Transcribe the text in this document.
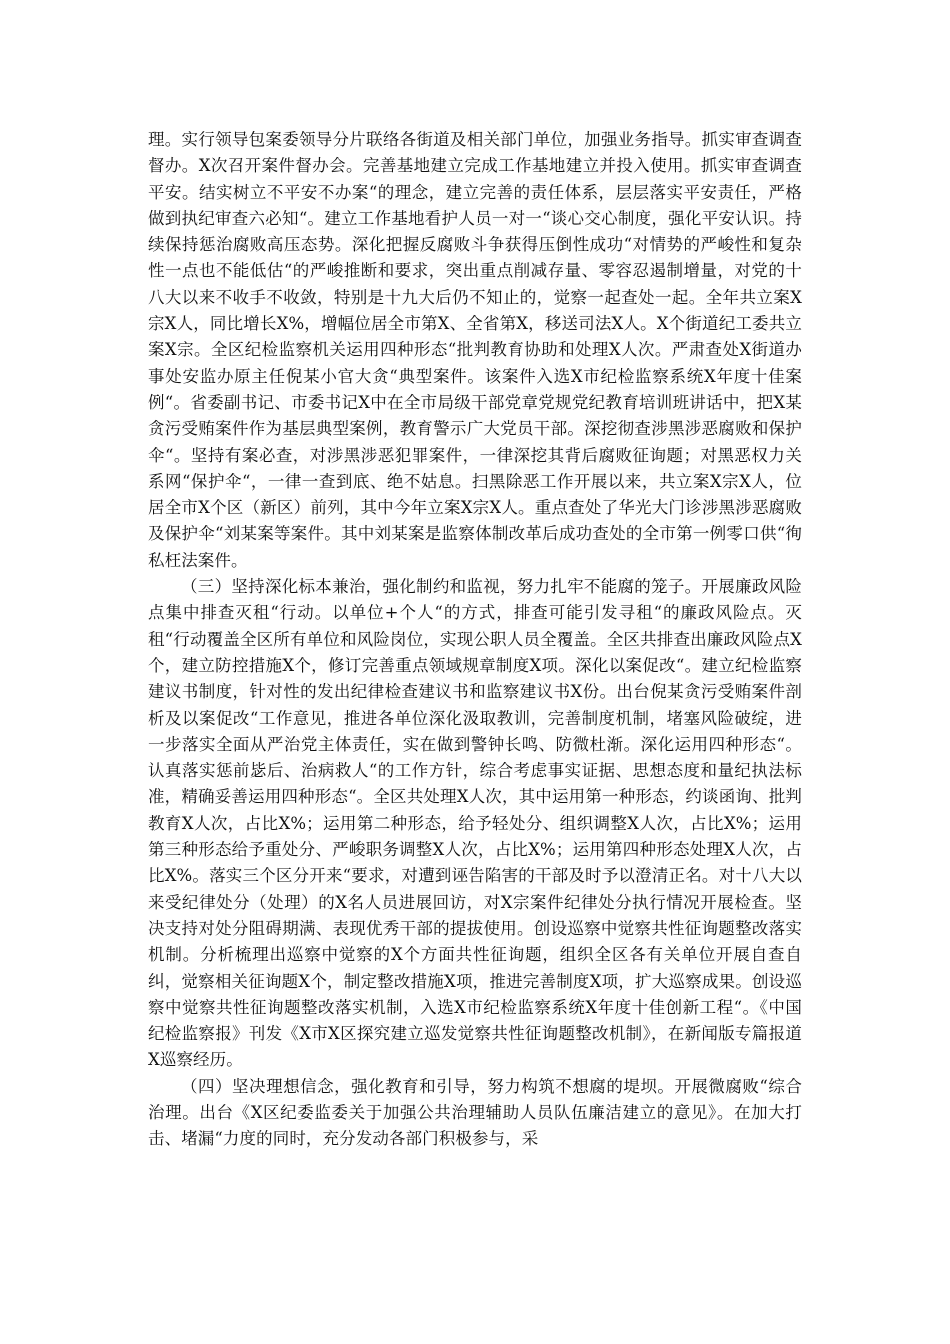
理。实行领导包案委领导分片联络各街道及相关部门单位，加强业务指导。抓实审查调查督办。X次召开案件督办会。完善基地建立完成工作基地建立并投入使用。抓实审查调查平安。结实树立不平安不办案“的理念，建立完善的责任体系，层层落实平安责任，严格做到执纪审查六必知“。建立工作基地看护人员一对一“谈心交心制度，强化平安认识。持续保持惩治腐败高压态势。深化把握反腐败斗争获得压倒性成功“对情势的严峻性和复杂性一点也不能低估“的严峻推断和要求，突出重点削减存量、零容忍遏制增量，对党的十八大以来不收手不收敛，特别是十九大后仍不知止的，觉察一起查处一起。全年共立案X宗X人，同比增长X%，增幅位居全市第X、全省第X，移送司法X人。X个街道纪工委共立案X宗。全区纪检监察机关运用四种形态“批判教育协助和处理X人次。严肃查处X街道办事处安监办原主任倪某小官大贪“典型案件。该案件入选X市纪检监察系统X年度十佳案例“。省委副书记、市委书记X中在全市局级干部党章党规党纪教育培训班讲话中，把X某贪污受贿案件作为基层典型案例，教育警示广大党员干部。深挖彻查涉黑涉恶腐败和保护伞“。坚持有案必查，对涉黑涉恶犯罪案件，一律深挖其背后腐败征询题；对黑恶权力关系网“保护伞“，一律一查到底、绝不姑息。扫黑除恶工作开展以来，共立案X宗X人，位居全市X个区（新区）前列，其中今年立案X宗X人。重点查处了华光大门诊涉黑涉恶腐败及保护伞“刘某案等案件。其中刘某案是监察体制改革后成功查处的全市第一例零口供“徇私枉法案件。

（三）坚持深化标本兼治，强化制约和监视，努力扎牢不能腐的笼子。开展廉政风险点集中排查灭租“行动。以单位+个人“的方式，排查可能引发寻租“的廉政风险点。灭租“行动覆盖全区所有单位和风险岗位，实现公职人员全覆盖。全区共排查出廉政风险点X个，建立防控措施X个，修订完善重点领域规章制度X项。深化以案促改“。建立纪检监察建议书制度，针对性的发出纪律检查建议书和监察建议书X份。出台倪某贪污受贿案件剖析及以案促改“工作意见，推进各单位深化汲取教训，完善制度机制，堵塞风险破绽，进一步落实全面从严治党主体责任，实在做到警钟长鸣、防微杜渐。深化运用四种形态“。认真落实惩前毖后、治病救人“的工作方针，综合考虑事实证据、思想态度和量纪执法标准，精确妥善运用四种形态“。全区共处理X人次，其中运用第一种形态，约谈函询、批判教育X人次，占比X%；运用第二种形态，给予轻处分、组织调整X人次，占比X%；运用第三种形态给予重处分、严峻职务调整X人次，占比X%；运用第四种形态处理X人次，占比X%。落实三个区分开来“要求，对遭到诬告陷害的干部及时予以澄清正名。对十八大以来受纪律处分（处理）的X名人员进展回访，对X宗案件纪律处分执行情况开展检查。坚决支持对处分阻碍期满、表现优秀干部的提拔使用。创设巡察中觉察共性征询题整改落实机制。分析梳理出巡察中觉察的X个方面共性征询题，组织全区各有关单位开展自查自纠，觉察相关征询题X个，制定整改措施X项，推进完善制度X项，扩大巡察成果。创设巡察中觉察共性征询题整改落实机制，入选X市纪检监察系统X年度十佳创新工程“。《中国纪检监察报》刊发《X市X区探究建立巡发觉察共性征询题整改机制》，在新闻版专篇报道X巡察经历。

（四）坚决理想信念，强化教育和引导，努力构筑不想腐的堤坝。开展微腐败“综合治理。出台《X区纪委监委关于加强公共治理辅助人员队伍廉洁建立的意见》。在加大打击、堵漏“力度的同时，充分发动各部门积极参与，采
